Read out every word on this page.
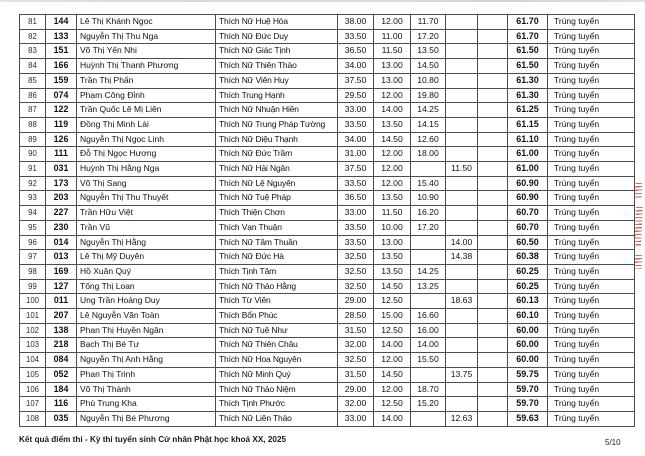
81	144	Lê Thị Khánh Ngọc	Thích Nữ Huệ Hòa	38.00	12.00	11.70			61.70	Trúng tuyển
82	133	Nguyễn Thị Thu Nga	Thích Nữ Đức Duy	33.50	11.00	17.20			61.70	Trúng tuyển
83	151	Võ Thị Yến Nhi	Thích Nữ Giác Tịnh	36.50	11.50	13.50			61.50	Trúng tuyển
84	166	Huỳnh Thị Thanh Phương	Thích Nữ Thiên Thảo	34.00	13.00	14.50			61.50	Trúng tuyển
85	159	Trần Thị Phấn	Thích Nữ Viên Huy	37.50	13.00	10.80			61.30	Trúng tuyển
86	074	Phạm Công Đỉnh	Thích Trung Hạnh	29.50	12.00	19.80			61.30	Trúng tuyển
87	122	Trần Quốc Lê Mị Liên	Thích Nữ Nhuận Hiền	33.00	14.00	14.25			61.25	Trúng tuyển
88	119	Đồng Thị Minh Lài	Thích Nữ Trung Pháp Tường	33.50	13.50	14.15			61.15	Trúng tuyển
89	126	Nguyễn Thị Ngọc Linh	Thích Nữ Diệu Thạnh	34.00	14.50	12.60			61.10	Trúng tuyển
90	111	Đỗ Thị Ngọc Hương	Thích Nữ Đức Trầm	31.00	12.00	18.00			61.00	Trúng tuyển
91	031	Huỳnh Thị Hằng Nga	Thích Nữ Hải Ngân	37.50	12.00		11.50		61.00	Trúng tuyển
92	173	Võ Thị Sang	Thích Nữ Lệ Nguyên	33.50	12.00	15.40			60.90	Trúng tuyển
93	203	Nguyễn Thị Thu Thuyết	Thích Nữ Tuệ Pháp	36.50	13.50	10.90			60.90	Trúng tuyển
94	227	Trần Hữu Việt	Thích Thiện Chơn	33.00	11.50	16.20			60.70	Trúng tuyển
95	230	Trần Vũ	Thích Vạn Thuận	33.50	10.00	17.20			60.70	Trúng tuyển
96	014	Nguyễn Thị Hằng	Thích Nữ Tâm Thuần	33.50	13.00		14.00		60.50	Trúng tuyển
97	013	Lê Thị Mỹ Duyên	Thích Nữ Đức Hà	32.50	13.50		14.38		60.38	Trúng tuyển
98	169	Hồ Xuân Quý	Thích Tịnh Tâm	32.50	13.50	14.25			60.25	Trúng tuyển
99	127	Tống Thị Loan	Thích Nữ Thảo Hằng	32.50	14.50	13.25			60.25	Trúng tuyển
100	011	Ung Trần Hoàng Duy	Thích Từ Viên	29.00	12.50		18.63		60.13	Trúng tuyển
101	207	Lê Nguyễn Văn Toàn	Thích Bổn Phúc	28.50	15.00	16.60			60.10	Trúng tuyển
102	138	Phan Thị Huyền Ngân	Thích Nữ Tuệ Như	31.50	12.50	16.00			60.00	Trúng tuyển
103	218	Bạch Thị Bé Tư	Thích Nữ Thiên Châu	32.00	14.00	14.00			60.00	Trúng tuyển
104	084	Nguyễn Thị Anh Hằng	Thích Nữ Hoa Nguyên	32.50	12.00	15.50			60.00	Trúng tuyển
105	052	Phan Thị Trinh	Thích Nữ Minh Quý	31.50	14.50		13.75		59.75	Trúng tuyển
106	184	Võ Thị Thành	Thích Nữ Thảo Niệm	29.00	12.00	18.70			59.70	Trúng tuyển
107	116	Phù Trung Kha	Thích Tịnh Phước	32.00	12.50	15.20			59.70	Trúng tuyển
108	035	Nguyễn Thị Bé Phương	Thích Nữ Liên Thảo	33.00	14.00		12.63		59.63	Trúng tuyển
Kết quả điểm thi - Kỳ thi tuyển sinh Cử nhân Phật học khoá XX, 2025	5/10
